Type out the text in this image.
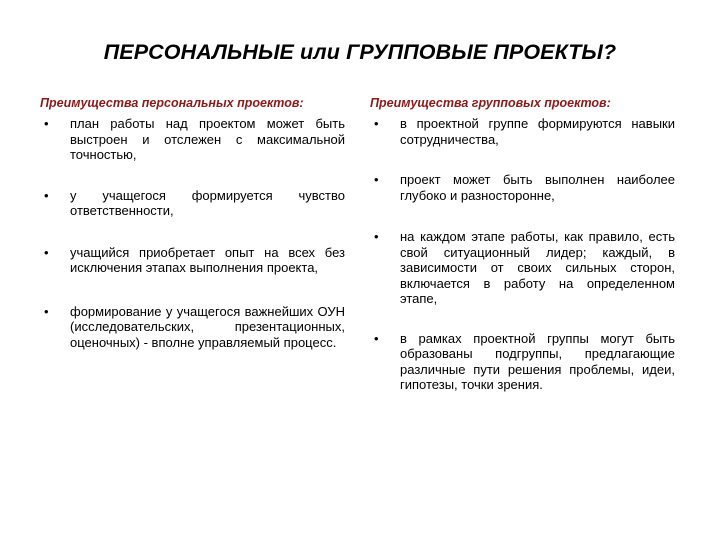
ПЕРСОНАЛЬНЫЕ или ГРУППОВЫЕ ПРОЕКТЫ?
Преимущества персональных проектов:
• план работы над проектом может быть выстроен и отслежен с максимальной точностью,
• у учащегося формируется чувство ответственности,
• учащийся приобретает опыт на всех без исключения этапах выполнения проекта,
• формирование у учащегося важнейших ОУН (исследовательских, презентационных, оценочных) - вполне управляемый процесс.
Преимущества групповых проектов:
• в проектной группе формируются навыки сотрудничества,
• проект может быть выполнен наиболее глубоко и разносторонне,
• на каждом этапе работы, как правило, есть свой ситуационный лидер; каждый, в зависимости от своих сильных сторон, включается в работу на определенном этапе,
• в рамках проектной группы могут быть образованы подгруппы, предлагающие различные пути решения проблемы, идеи, гипотезы, точки зрения.
